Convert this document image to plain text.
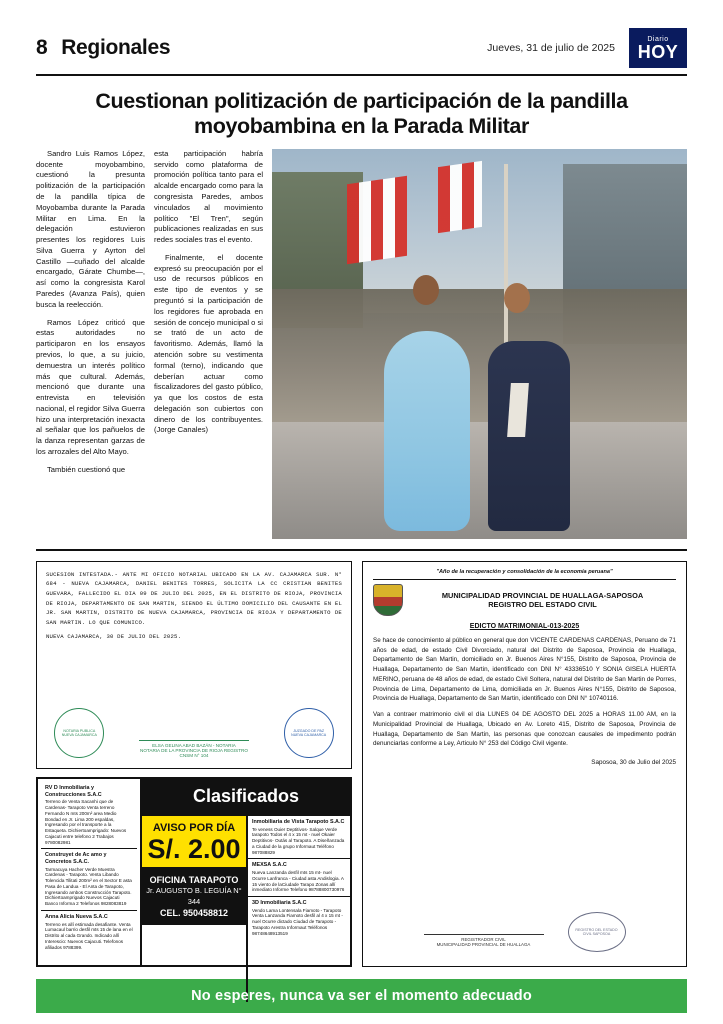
8 Regionales	Jueves, 31 de julio de 2025
Diario
HOY
Cuestionan politización de participación de la pandilla moyobambina en la Parada Militar

Sandro Luis Ramos López, docente moyobambino, cuestionó la presunta politización de la participación de la pandilla típica de Moyobamba durante la Parada Militar en Lima. En la delegación estuvieron presentes los regidores Luis Silva Guerra y Ayrton del Castillo —cuñado del alcalde encargado, Gárate Chumbe—, así como la congresista Karol Paredes (Avanza País), quien busca la reelección.

Ramos López criticó que estas autoridades no participaron en los ensayos previos, lo que, a su juicio, demuestra un interés político más que cultural. Además, mencionó que durante una entrevista en televisión nacional, el regidor Silva Guerra hizo una interpretación inexacta al señalar que los pañuelos de la danza representan garzas de los arrozales del Alto Mayo.

También cuestionó que

esta participación habría servido como plataforma de promoción política tanto para el alcalde encargado como para la congresista Paredes, ambos vinculados al movimiento político "El Tren", según publicaciones realizadas en sus redes sociales tras el evento.

Finalmente, el docente expresó su preocupación por el uso de recursos públicos en este tipo de eventos y se preguntó si la participación de los regidores fue aprobada en sesión de concejo municipal o si se trató de un acto de favoritismo. Además, llamó la atención sobre su vestimenta formal (terno), indicando que deberían actuar como fiscalizadores del gasto público, ya que los costos de esta delegación son cubiertos con dinero de los contribuyentes. (Jorge Canales)

SUCESION INTESTADA.- ANTE MI OFICIO NOTARIAL UBICADO EN LA AV. CAJAMARCA SUR. N° 684 - NUEVA CAJAMARCA, DANIEL BENITES TORRES, SOLICITA LA CC CRISTIAN BENITES GUEVARA, FALLECIDO EL DIA 09 DE JULIO DEL 2025, EN EL DISTRITO DE RIOJA, PROVINCIA DE RIOJA, DEPARTAMENTO DE SAN MARTIN, SIENDO EL ÚLTIMO DOMICILIO DEL CAUSANTE EN EL JR. SAN MARTIN, DISTRITO DE NUEVA CAJAMARCA, PROVINCIA DE RIOJA Y DEPARTAMENTO DE SAN MARTIN. LO QUE COMUNICO.
NUEVA CAJAMARCA, 30 DE JULIO DEL 2025.
NOTARIA PUBLICA NUEVA CAJAMARCA
ELSA GELINA ABAD BAZÁN - NOTARIA
NOTARIA DE LA PROVINCIA DE RIOJA REGISTRO CNSM N° 104
JUZGADO DE PAZ NUEVA CAJAMARCA
RV D Inmobiliaria y Construcciones S.A.C
Terreno de Venta Sacanhi que de Cardenas- Tarapoto Venta terreno Fernando N mts 200m² area Medio Bondad en Jr. Lima 200 espaldas, Ingresando por el transporte a la Estaqueta. Dichiertoamprigado: Nuevos Cajacuti entre telefono 2 Trabajos 9780082981
Construyet de Ac amo y Concretos S.A.C.
Tarmacuya Hacher Verde Muestra Cardenas - Tarapoto. Venta Libando Tolencida Tilitati 200m² en el Sector E asta Pasa de Landua - El Anta de Tarapoto, Ingresando ambos Construcción Tarapoto. Dichiertoamprigado Nuevos Cajacuti Banco Informa 2 Telefonos 9828083819
Anna Alicia Nueva S.A.C
Terreno es allí estimada desafiante. Venta Lumacaul barrio desfil mts 15 de lana en el Distrito al cada Grando. Indicado allí Interescio: Nuevos Cajacuti. Telefonos afiliados 9788399.
Clasificados
AVISO POR DÍA
S/. 2.00
OFICINA TARAPOTO
Jr. AUGUSTO B. LEGUÍA N° 344
CEL. 950458812
Inmobiliaria de Vista Tarapoto S.A.C
Te veness Ouier Deptitivos- Salque Verde tarapoto Todos el 4 x 15 mt - nuel Okaier Deptitivos- Outás al Tarapoto. A Diseñanzada a Ciudad de la grupo Informaut Teléfono 987088829
MEXSA S.A.C
Nueva Lanzanda desfil mts 15 mt- nuel Ocurre Lanfranca - Ciudad asta Andislogia. A 15 viento de laCiudade Tarapo Zonas allí inmediato Informe Telefono 98788800730976
3D Inmobiliaria S.A.C
Vendo Lama Lontensala Fiamoto - Tarapoto Venta Lanzanda Fiamoto desfil al 4 x 15 mt - nuel Ocurre dictado Ciudad de Tarapoto - Tarapoto Arestra Informaut Teléfonos 98748648913519
"Año de la recuperación y consolidación de la economía peruana"
MUNICIPALIDAD PROVINCIAL DE HUALLAGA-SAPOSOA
REGISTRO DEL ESTADO CIVIL
EDICTO MATRIMONIAL-013-2025

Se hace de conocimiento al público en general que don VICENTE CARDENAS CARDENAS, Peruano de 71 años de edad, de estado Civil Divorciado, natural del Distrito de Saposoa, Provincia de Huallaga, Departamento de San Martin, domiciliado en Jr. Buenos Aires N°155, Distrito de Saposoa, Provincia de Huallaga, Departamento de San Martin, identificado con DNI N° 43336510 Y SONIA GISELA HUERTA MERINO, peruana de 48 años de edad, de estado Civil Soltera, natural del Distrito de San Martin de Porres, Provincia de Lima, Departamento de Lima, domiciliada en Jr. Buenos Aires N°155, Distrito de Saposoa, Provincia de Huallaga, Departamento de San Martin, identificado con DNI N° 10740116.

Van a contraer matrimonio civil el día LUNES 04 DE AGOSTO DEL 2025 a HORAS 11.00 AM, en la Municipalidad Provincial de Huallaga, Ubicado en Av. Loreto 415, Distrito de Saposoa, Provincia de Huallaga, Departamento de San Martin, las personas que conozcan causales de impedimento podrán denunciarlas conforme a Ley, Articulo N° 253 del Código Civil vigente.

Saposoa, 30 de Julio del 2025
REGISTRADOR CIVIL
MUNICIPALIDAD PROVINCIAL DE HUALLAGA
REGISTRO DEL ESTADO CIVIL SAPOSOA
No esperes, nunca va ser el momento adecuado
